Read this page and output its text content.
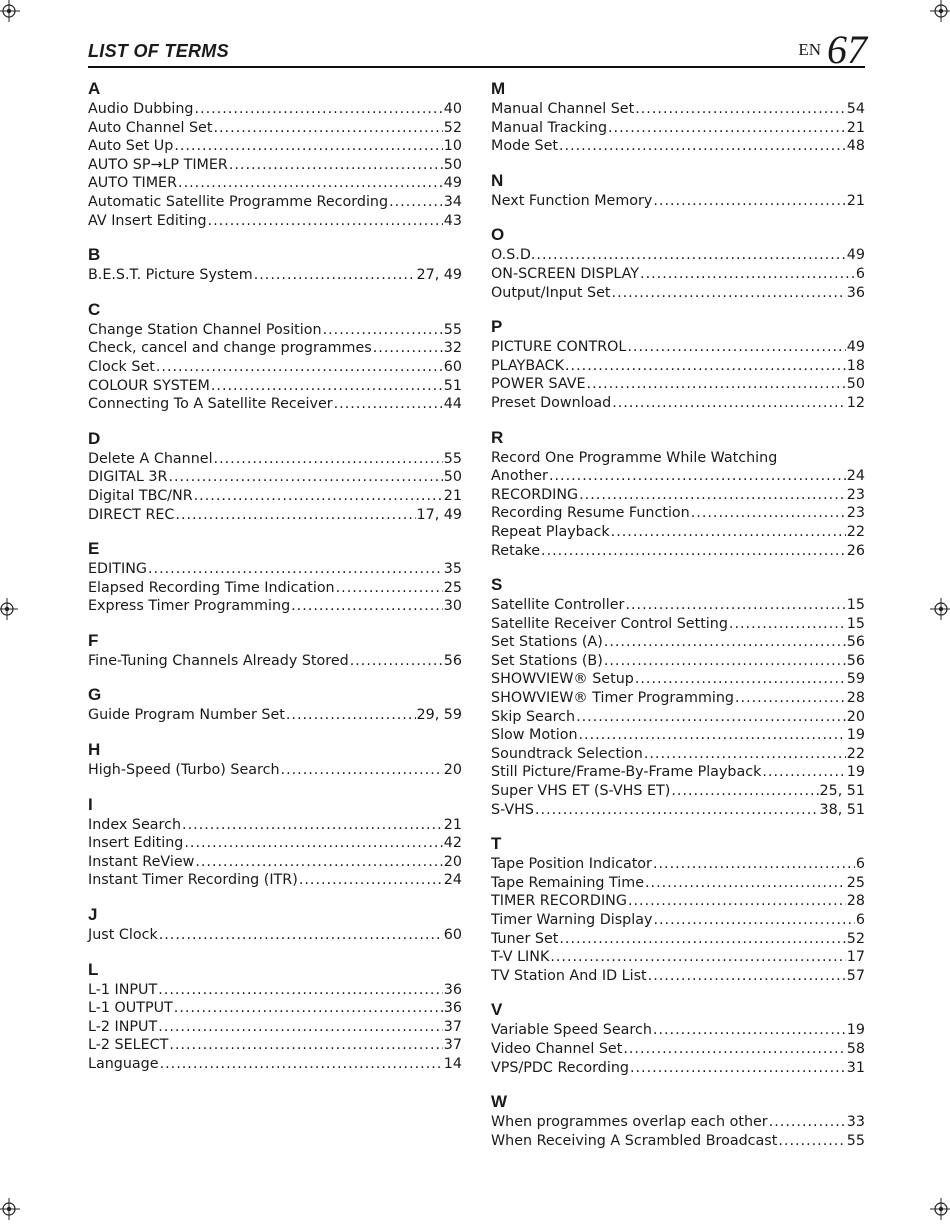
LIST OF TERMS	EN 67
A
Audio Dubbing .....	40
Auto Channel Set .....	52
Auto Set Up .....	10
AUTO SP→LP TIMER .....	50
AUTO TIMER .....	49
Automatic Satellite Programme Recording .....	34
AV Insert Editing .....	43
B
B.E.S.T. Picture System .....	27, 49
C
Change Station Channel Position .....	55
Check, cancel and change programmes .....	32
Clock Set .....	60
COLOUR SYSTEM .....	51
Connecting To A Satellite Receiver .....	44
D
Delete A Channel .....	55
DIGITAL 3R .....	50
Digital TBC/NR .....	21
DIRECT REC .....	17, 49
E
EDITING .....	35
Elapsed Recording Time Indication .....	25
Express Timer Programming .....	30
F
Fine-Tuning Channels Already Stored .....	56
G
Guide Program Number Set .....	29, 59
H
High-Speed (Turbo) Search .....	20
I
Index Search .....	21
Insert Editing .....	42
Instant ReView .....	20
Instant Timer Recording (ITR) .....	24
J
Just Clock .....	60
L
L-1 INPUT .....	36
L-1 OUTPUT .....	36
L-2 INPUT .....	37
L-2 SELECT .....	37
Language .....	14
M
Manual Channel Set .....	54
Manual Tracking .....	21
Mode Set .....	48
N
Next Function Memory .....	21
O
O.S.D. .....	49
ON-SCREEN DISPLAY .....	6
Output/Input Set .....	36
P
PICTURE CONTROL .....	49
PLAYBACK .....	18
POWER SAVE .....	50
Preset Download .....	12
R
Record One Programme While Watching
Another .....	24
RECORDING .....	23
Recording Resume Function .....	23
Repeat Playback .....	22
Retake .....	26
S
Satellite Controller .....	15
Satellite Receiver Control Setting .....	15
Set Stations (A) .....	56
Set Stations (B) .....	56
SHOWVIEW® Setup .....	59
SHOWVIEW® Timer Programming .....	28
Skip Search .....	20
Slow Motion .....	19
Soundtrack Selection .....	22
Still Picture/Frame-By-Frame Playback .....	19
Super VHS ET (S-VHS ET) .....	25, 51
S-VHS .....	38, 51
T
Tape Position Indicator .....	6
Tape Remaining Time .....	25
TIMER RECORDING .....	28
Timer Warning Display .....	6
Tuner Set .....	52
T-V LINK .....	17
TV Station And ID List .....	57
V
Variable Speed Search .....	19
Video Channel Set .....	58
VPS/PDC Recording .....	31
W
When programmes overlap each other .....	33
When Receiving A Scrambled Broadcast .....	55
